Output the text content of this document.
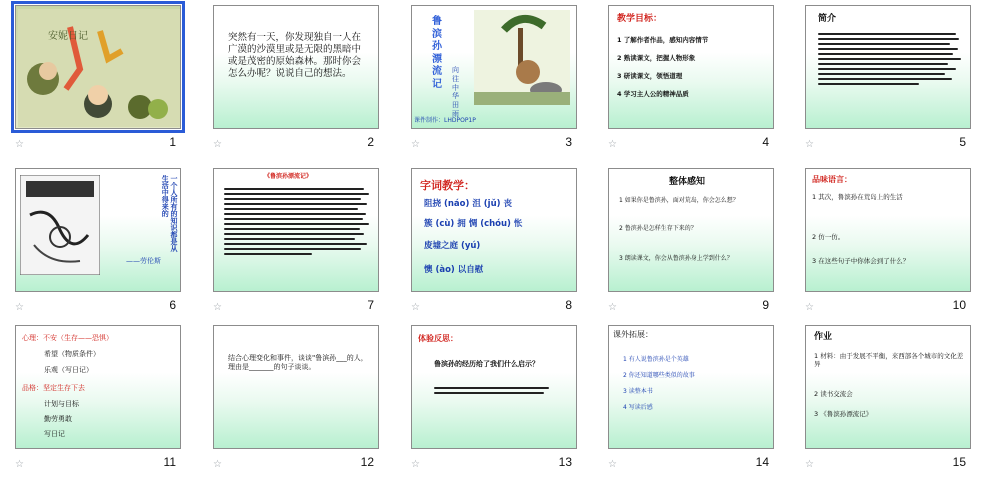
安妮日记
☆	1
突然有一天，你发现独自一人在广漠的沙漠里或是无限的黑暗中或是茂密的原始森林。那时你会怎么办呢？说说自己的想法。
☆	2
鲁滨孙漂流记
向往中华 田雨
课件制作：LHDPOP1P
☆	3
教学目标：
1 了解作者作品，感知内容情节
2 熟读课文，把握人物形象
3 研读课文，领悟道理
4 学习主人公的精神品质
☆	4
简介
☆	5
一个人所有的知识都是从生活中得来的
——劳伦斯
☆	6
《鲁滨孙漂流记》
☆	7
字词教学：
阻挠 (náo) 沮 (jǔ) 丧
簇 (cù) 拥 惆 (chóu) 怅
废墟之庭 (yú)
懊 (ào) 以自慰
☆	8
整体感知
1 如果你是鲁滨孙，面对荒岛，你会怎么想？
2 鲁滨孙是怎样生存下来的？
3 朗读课文，你会从鲁滨孙身上学到什么？
☆	9
品味语言：
1 其次，鲁滨孙在荒岛上的生活
2 仿一仿。
3 在这些句子中你体会到了什么？
☆	10
心理：不安（生存——恐惧）
希望（物质条件）
乐观（写日记）
品格：坚定生存下去
计划与目标
勤劳勇敢
写日记
☆	11
结合心理变化和事件，谈谈"鲁滨孙___的人，理由是_______的句子谈谈。
☆	12
体验反思：
鲁滨孙的经历给了我们什么启示？
☆	13
课外拓展：
1 有人说鲁滨孙是个英雄
2 你还知道哪些类似的故事
3 读整本书
4 写读后感
☆	14
作业
1 材料：由于发展不平衡，来西部各个城市的文化差异
2 读书交流会
3 《鲁滨孙漂流记》
☆	15
